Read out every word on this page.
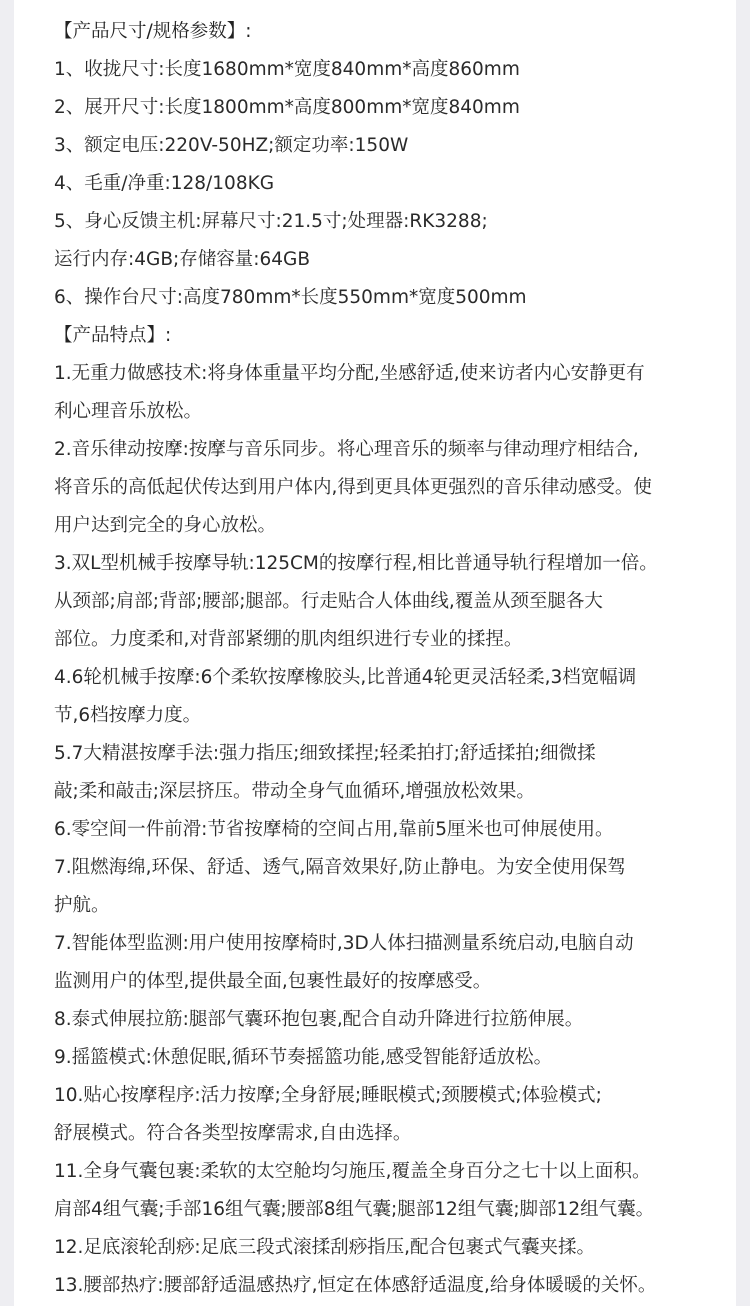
【产品尺寸/规格参数】:
1、收拢尺寸:长度1680mm*宽度840mm*高度860mm
2、展开尺寸:长度1800mm*高度800mm*宽度840mm
3、额定电压:220V-50HZ;额定功率:150W
4、毛重/净重:128/108KG
5、身心反馈主机:屏幕尺寸:21.5寸;处理器:RK3288;
运行内存:4GB;存储容量:64GB
6、操作台尺寸:高度780mm*长度550mm*宽度500mm
【产品特点】:
1.无重力做感技术:将身体重量平均分配,坐感舒适,使来访者内心安静更有
利心理音乐放松。
2.音乐律动按摩:按摩与音乐同步。将心理音乐的频率与律动理疗相结合,
将音乐的高低起伏传达到用户体内,得到更具体更强烈的音乐律动感受。使
用户达到完全的身心放松。
3.双L型机械手按摩导轨:125CM的按摩行程,相比普通导轨行程增加一倍。
从颈部;肩部;背部;腰部;腿部。行走贴合人体曲线,覆盖从颈至腿各大
部位。力度柔和,对背部紧绷的肌肉组织进行专业的揉捏。
4.6轮机械手按摩:6个柔软按摩橡胶头,比普通4轮更灵活轻柔,3档宽幅调
节,6档按摩力度。
5.7大精湛按摩手法:强力指压;细致揉捏;轻柔拍打;舒适揉拍;细微揉
敲;柔和敲击;深层挤压。带动全身气血循环,增强放松效果。
6.零空间一件前滑:节省按摩椅的空间占用,靠前5厘米也可伸展使用。
7.阻燃海绵,环保、舒适、透气,隔音效果好,防止静电。为安全使用保驾
护航。
7.智能体型监测:用户使用按摩椅时,3D人体扫描测量系统启动,电脑自动
监测用户的体型,提供最全面,包裹性最好的按摩感受。
8.泰式伸展拉筋:腿部气囊环抱包裹,配合自动升降进行拉筋伸展。
9.摇篮模式:休憩促眠,循环节奏摇篮功能,感受智能舒适放松。
10.贴心按摩程序:活力按摩;全身舒展;睡眠模式;颈腰模式;体验模式;
舒展模式。符合各类型按摩需求,自由选择。
11.全身气囊包裹:柔软的太空舱均匀施压,覆盖全身百分之七十以上面积。
肩部4组气囊;手部16组气囊;腰部8组气囊;腿部12组气囊;脚部12组气囊。
12.足底滚轮刮痧:足底三段式滚揉刮痧指压,配合包裹式气囊夹揉。
13.腰部热疗:腰部舒适温感热疗,恒定在体感舒适温度,给身体暖暖的关怀。
